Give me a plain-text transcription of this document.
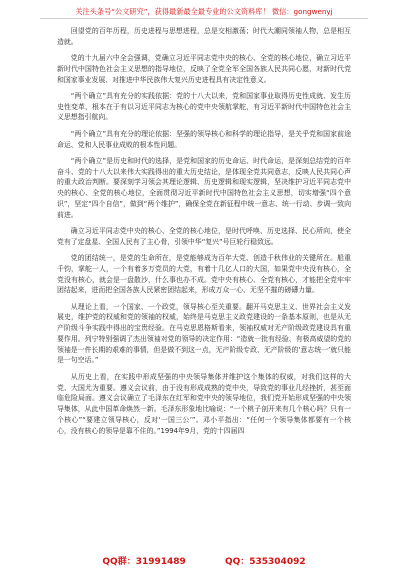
关注头条号“公文研究”，获得最新最全最专业的公文资料库！ 微信：gongwenyj

回望党的百年历程，历史进程与思想进程，总是交相激荡；时代大潮同领袖人物，总是相互造就。

党的十九届六中全会强调，党确立习近平同志党中央的核心、全党的核心地位，确立习近平新时代中国特色社会主义思想的指导地位，反映了全党全军全国各族人民共同心愿，对新时代党和国家事业发展、对推进中华民族伟大复兴历史进程具有决定性意义。

“两个确立”具有充分的实践依据：党的十八大以来，党和国家事业取得历史性成就、发生历史性变革，根本在于有以习近平同志为核心的党中央领航掌舵，有习近平新时代中国特色社会主义思想指引航向。

“两个确立”具有充分的理论依据：坚强的领导核心和科学的理论指导，是关乎党和国家前途命运、党和人民事业成败的根本性问题。

“两个确立”是历史和时代的选择，是党和国家的历史命运、时代命运，是深刻总结党的百年奋斗、党的十八大以来伟大实践得出的重大历史结论，是体现全党共同意志，反映人民共同心声的重大政治判断。要深刻学习领会其理论逻辑、历史逻辑和现实逻辑，坚决维护习近平同志党中央的核心、全党的核心地位，全面贯彻习近平新时代中国特色社会主义思想，切实增强“四个意识”，坚定“四个自信”，做到“两个维护”，确保全党在新征程中统一意志、统一行动、步调一致向前进。

确立习近平同志党中央的核心、全党的核心地位，是时代呼唤、历史选择、民心所向，使全党有了定盘星、全国人民有了主心骨，引领中华“复兴”号巨轮行稳致远。

党的团结统一，是党的生命所在，是党能够成为百年大党、创造千秋伟业的关键所在。船重千钧，掌舵一人，一个有着多万党员的大党，有着十几亿人口的大国，如果党中央没有核心，全党没有核心，就会是一盘散沙，什么事也办不成。党中央有核心、全党有核心，才能把全党牢牢团结起来，进而把全国各族人民紧密团结起来，形成万众一心、无坚不摧的磅礴力量。

从理论上看，一个国家、一个政党，领导核心至关重要。翻开马克思主义、世界社会主义发展史，维护党的权威和党的领袖的权威，始终是马克思主义政党建设的一条基本原则，也是从无产阶级斗争实践中得出的宝贵经验。在马克思恩格斯看来，领袖权威对无产阶级政党建设具有重要作用。列宁特别强调了杰出领袖对党的领导的决定作用：“造就一批有经验、有极高威望的党的领袖是一件长期的艰难的事情，但是做不到这一点，无产阶级专政、无产阶级的‘意志统一’就只能是一句空话。”

从历史上看，在实践中形成坚强的中央领导集体并维护这个集体的权威，对我们这样的大党、大国尤为重要。遵义会议前，由于没有形成成熟的党中央，导致党的事业几经挫折，甚至面临危险局面。遵义会议确立了毛泽东在红军和党中央的领导地位，我们党开始形成坚强的中央领导集体，从此中国革命焕然一新。毛泽东形象地比喻说：“一个桃子剖开来有几个核心吗？只有一个核心”“要建立领导核心，反对‘一国三公’”。邓小平指出：“任何一个领导集体都要有一个核心，没有核心的领导是靠不住的。”1994年9月，党的十四届四

QQ群：31991489	QQ：535304092
